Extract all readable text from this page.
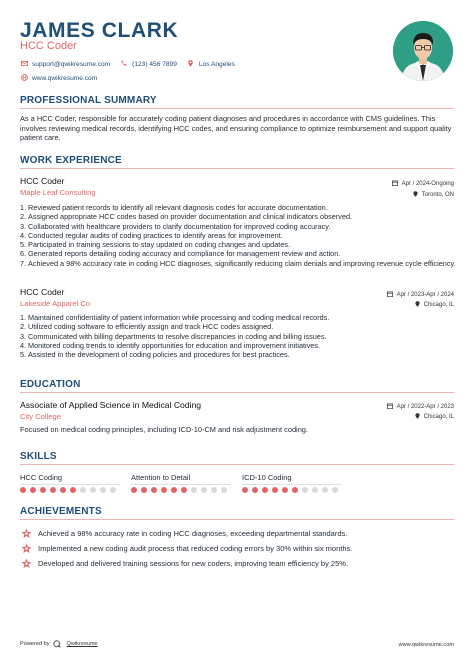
JAMES CLARK
HCC Coder
support@qwikresume.com	(123) 456 7899	Los Angeles
www.qwikresume.com
PROFESSIONAL SUMMARY
As a HCC Coder, responsible for accurately coding patient diagnoses and procedures in accordance with CMS guidelines. This involves reviewing medical records, identifying HCC codes, and ensuring compliance to optimize reimbursement and support quality patient care.
WORK EXPERIENCE
HCC Coder
Maple Leaf Consulting
Apr / 2024-Ongoing
Toronto, ON
1. Reviewed patient records to identify all relevant diagnosis codes for accurate documentation.
2. Assigned appropriate HCC codes based on provider documentation and clinical indicators observed.
3. Collaborated with healthcare providers to clarify documentation for improved coding accuracy.
4. Conducted regular audits of coding practices to identify areas for improvement.
5. Participated in training sessions to stay updated on coding changes and updates.
6. Generated reports detailing coding accuracy and compliance for management review and action.
7. Achieved a 98% accuracy rate in coding HCC diagnoses, significantly reducing claim denials and improving revenue cycle efficiency.
HCC Coder
Lakeside Apparel Co
Apr / 2023-Apr / 2024
Chicago, IL
1. Maintained confidentiality of patient information while processing and coding medical records.
2. Utilized coding software to efficiently assign and track HCC codes assigned.
3. Communicated with billing departments to resolve discrepancies in coding and billing issues.
4. Monitored coding trends to identify opportunities for education and improvement initiatives.
5. Assisted in the development of coding policies and procedures for best practices.
EDUCATION
Associate of Applied Science in Medical Coding
City College
Apr / 2022-Apr / 2023
Chicago, IL
Focused on medical coding principles, including ICD-10-CM and risk adjustment coding.
SKILLS
HCC Coding	Attention to Detail	ICD-10 Coding
ACHIEVEMENTS
Achieved a 98% accuracy rate in coding HCC diagnoses, exceeding departmental standards.
Implemented a new coding audit process that reduced coding errors by 30% within six months.
Developed and delivered training sessions for new coders, improving team efficiency by 25%.
Powered by	Qwikresume	www.qwikresume.com
